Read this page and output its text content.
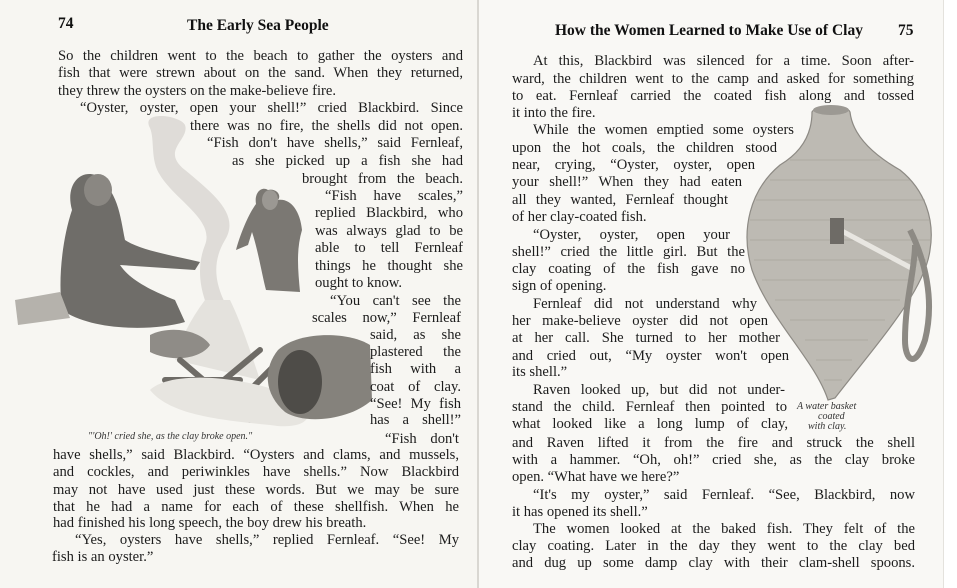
74	The Early Sea People	How the Women Learned to Make Use of Clay 75
"'Oh!' cried she, as the clay broke open."
A water basket
coated
with clay.
So the children went to the beach to gather the oysters and
fish that were strewn about on the sand. When they returned,
they threw the oysters on the make-believe fire.
“Oyster, oyster, open your shell!” cried Blackbird. Since
there was no fire, the shells did not open.
“Fish don't have shells,” said Fernleaf,
as she picked up a fish she had
brought from the beach.
“Fish have scales,”
replied Blackbird, who
was always glad to be
able to tell Fernleaf
things he thought she
ought to know.
“You can't see the
scales now,” Fernleaf
said, as she
plastered the
fish with a
coat of clay.
“See! My fish
has a shell!”
“Fish don't
have shells,” said Blackbird. “Oysters and clams, and mussels,
and cockles, and periwinkles have shells.” Now Blackbird
may not have used just these words. But we may be sure
that he had a name for each of these shellfish. When he
had finished his long speech, the boy drew his breath.
“Yes, oysters have shells,” replied Fernleaf. “See! My
fish is an oyster.”
At this, Blackbird was silenced for a time. Soon after-
ward, the children went to the camp and asked for something
to eat. Fernleaf carried the coated fish along and tossed
it into the fire.
While the women emptied some oysters
upon the hot coals, the children stood
near, crying, “Oyster, oyster, open
your shell!” When they had eaten
all they wanted, Fernleaf thought
of her clay-coated fish.
“Oyster, oyster, open your
shell!” cried the little girl. But the
clay coating of the fish gave no
sign of opening.
Fernleaf did not understand why
her make-believe oyster did not open
at her call. She turned to her mother
and cried out, “My oyster won't open
its shell.”
Raven looked up, but did not under-
stand the child. Fernleaf then pointed to
what looked like a long lump of clay,
and Raven lifted it from the fire and struck the shell
with a hammer. “Oh, oh!” cried she, as the clay broke
open. “What have we here?”
“It's my oyster,” said Fernleaf. “See, Blackbird, now
it has opened its shell.”
The women looked at the baked fish. They felt of the
clay coating. Later in the day they went to the clay bed
and dug up some damp clay with their clam-shell spoons.
